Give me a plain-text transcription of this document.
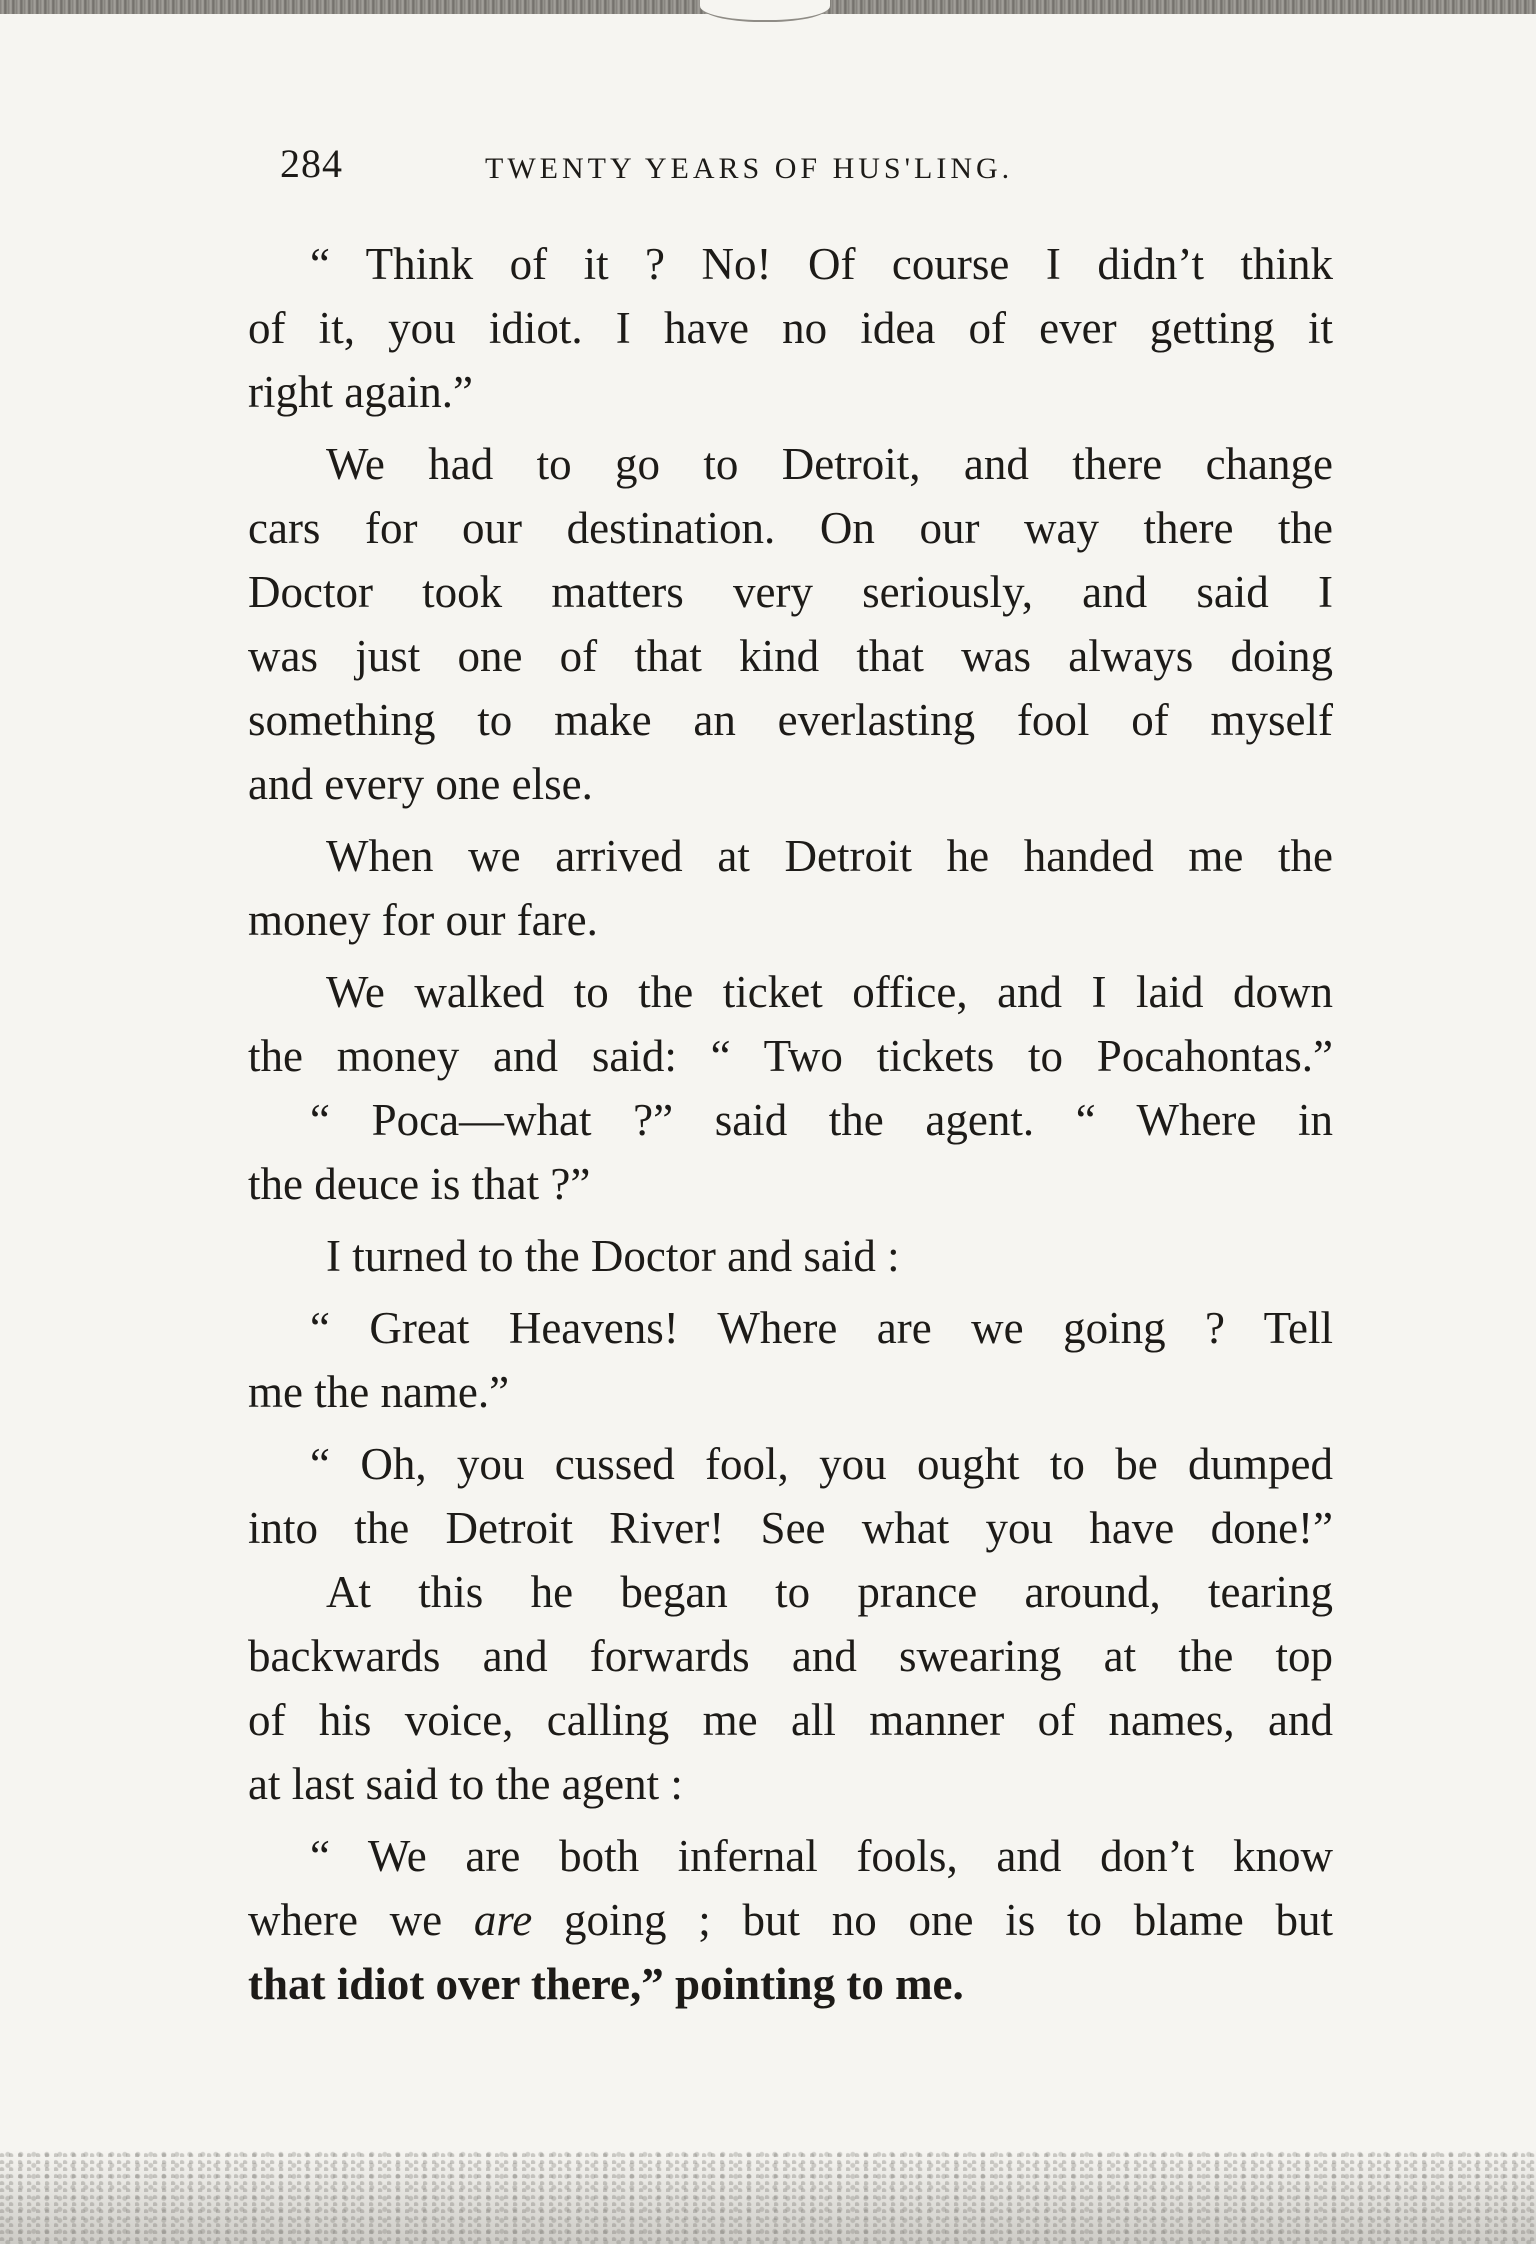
284	TWENTY YEARS OF HUS'LING.
“ Think of it ? No! Of course I didn’t think
of it, you idiot. I have no idea of ever getting it
right again.”
We had to go to Detroit, and there change
cars for our destination. On our way there the
Doctor took matters very seriously, and said I
was just one of that kind that was always doing
something to make an everlasting fool of myself
and every one else.
When we arrived at Detroit he handed me the
money for our fare.
We walked to the ticket office, and I laid down
the money and said: “ Two tickets to Pocahontas.”
“ Poca—what ?” said the agent. “ Where in
the deuce is that ?”
I turned to the Doctor and said :
“ Great Heavens! Where are we going ? Tell
me the name.”
“ Oh, you cussed fool, you ought to be dumped
into the Detroit River! See what you have done!”
At this he began to prance around, tearing
backwards and forwards and swearing at the top
of his voice, calling me all manner of names, and
at last said to the agent :
“ We are both infernal fools, and don’t know
where we are going ; but no one is to blame but
that idiot over there,” pointing to me.
